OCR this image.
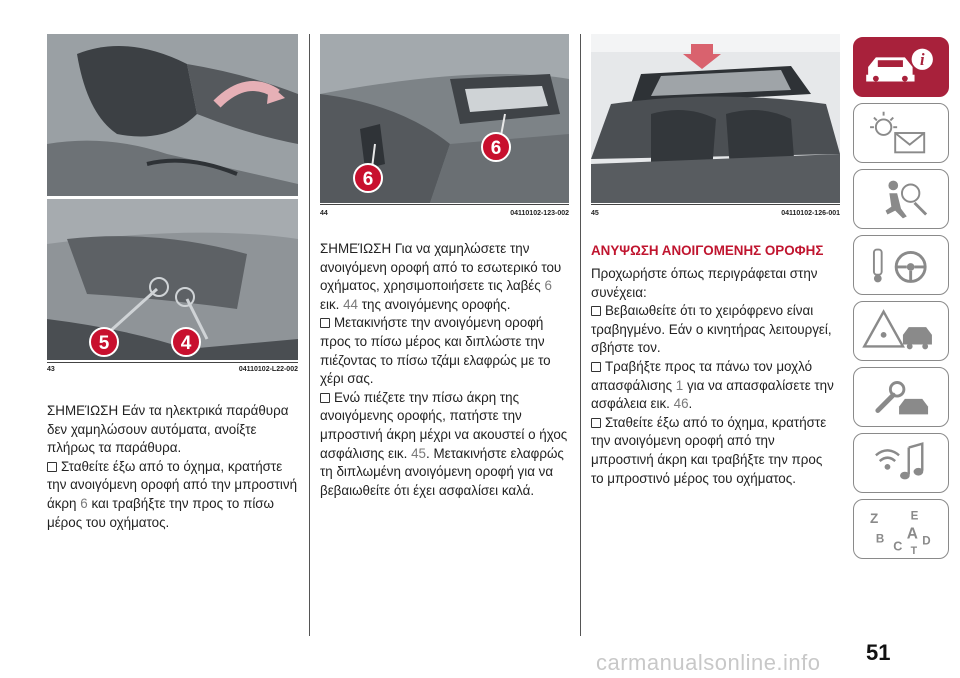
5	4
43	04110102-L22-002
6
6
44	04110102-123-002	45	04110102-126-001

ΣΗΜΕΊΩΣΗ Εάν τα ηλεκτρικά παράθυρα δεν χαμηλώσουν αυτόματα, ανοίξτε πλήρως τα παράθυρα.

Σταθείτε έξω από το όχημα, κρατήστε την ανοιγόμενη οροφή από την μπροστινή άκρη 6 και τραβήξτε την προς το πίσω μέρος του οχήματος.

ΣΗΜΕΊΩΣΗ Για να χαμηλώσετε την ανοιγόμενη οροφή από το εσωτερικό του οχήματος, χρησιμοποιήσετε τις λαβές 6 εικ. 44 της ανοιγόμενης οροφής.

Μετακινήστε την ανοιγόμενη οροφή προς το πίσω μέρος και διπλώστε την πιέζοντας το πίσω τζάμι ελαφρώς με το χέρι σας.

Ενώ πιέζετε την πίσω άκρη της ανοιγόμενης οροφής, πατήστε την μπροστινή άκρη μέχρι να ακουστεί ο ήχος ασφάλισης εικ. 45. Μετακινήστε ελαφρώς τη διπλωμένη ανοιγόμενη οροφή για να βεβαιωθείτε ότι έχει ασφαλίσει καλά.

ΑΝΥΨΩΣΗ ΑΝΟΙΓΟΜΕΝΗΣ ΟΡΟΦΗΣ

Προχωρήστε όπως περιγράφεται στην συνέχεια:

Βεβαιωθείτε ότι το χειρόφρενο είναι τραβηγμένο. Εάν ο κινητήρας λειτουργεί, σβήστε τον.

Τραβήξτε προς τα πάνω τον μοχλό απασφάλισης 1 για να απασφαλίσετε την ασφάλεια εικ. 46.

Σταθείτε έξω από το όχημα, κρατήστε την ανοιγόμενη οροφή από την μπροστινή άκρη και τραβήξτε την προς το μπροστινό μέρος του οχήματος.

i
Z	E
B
C
A D
T
51
carmanualsonline.info
